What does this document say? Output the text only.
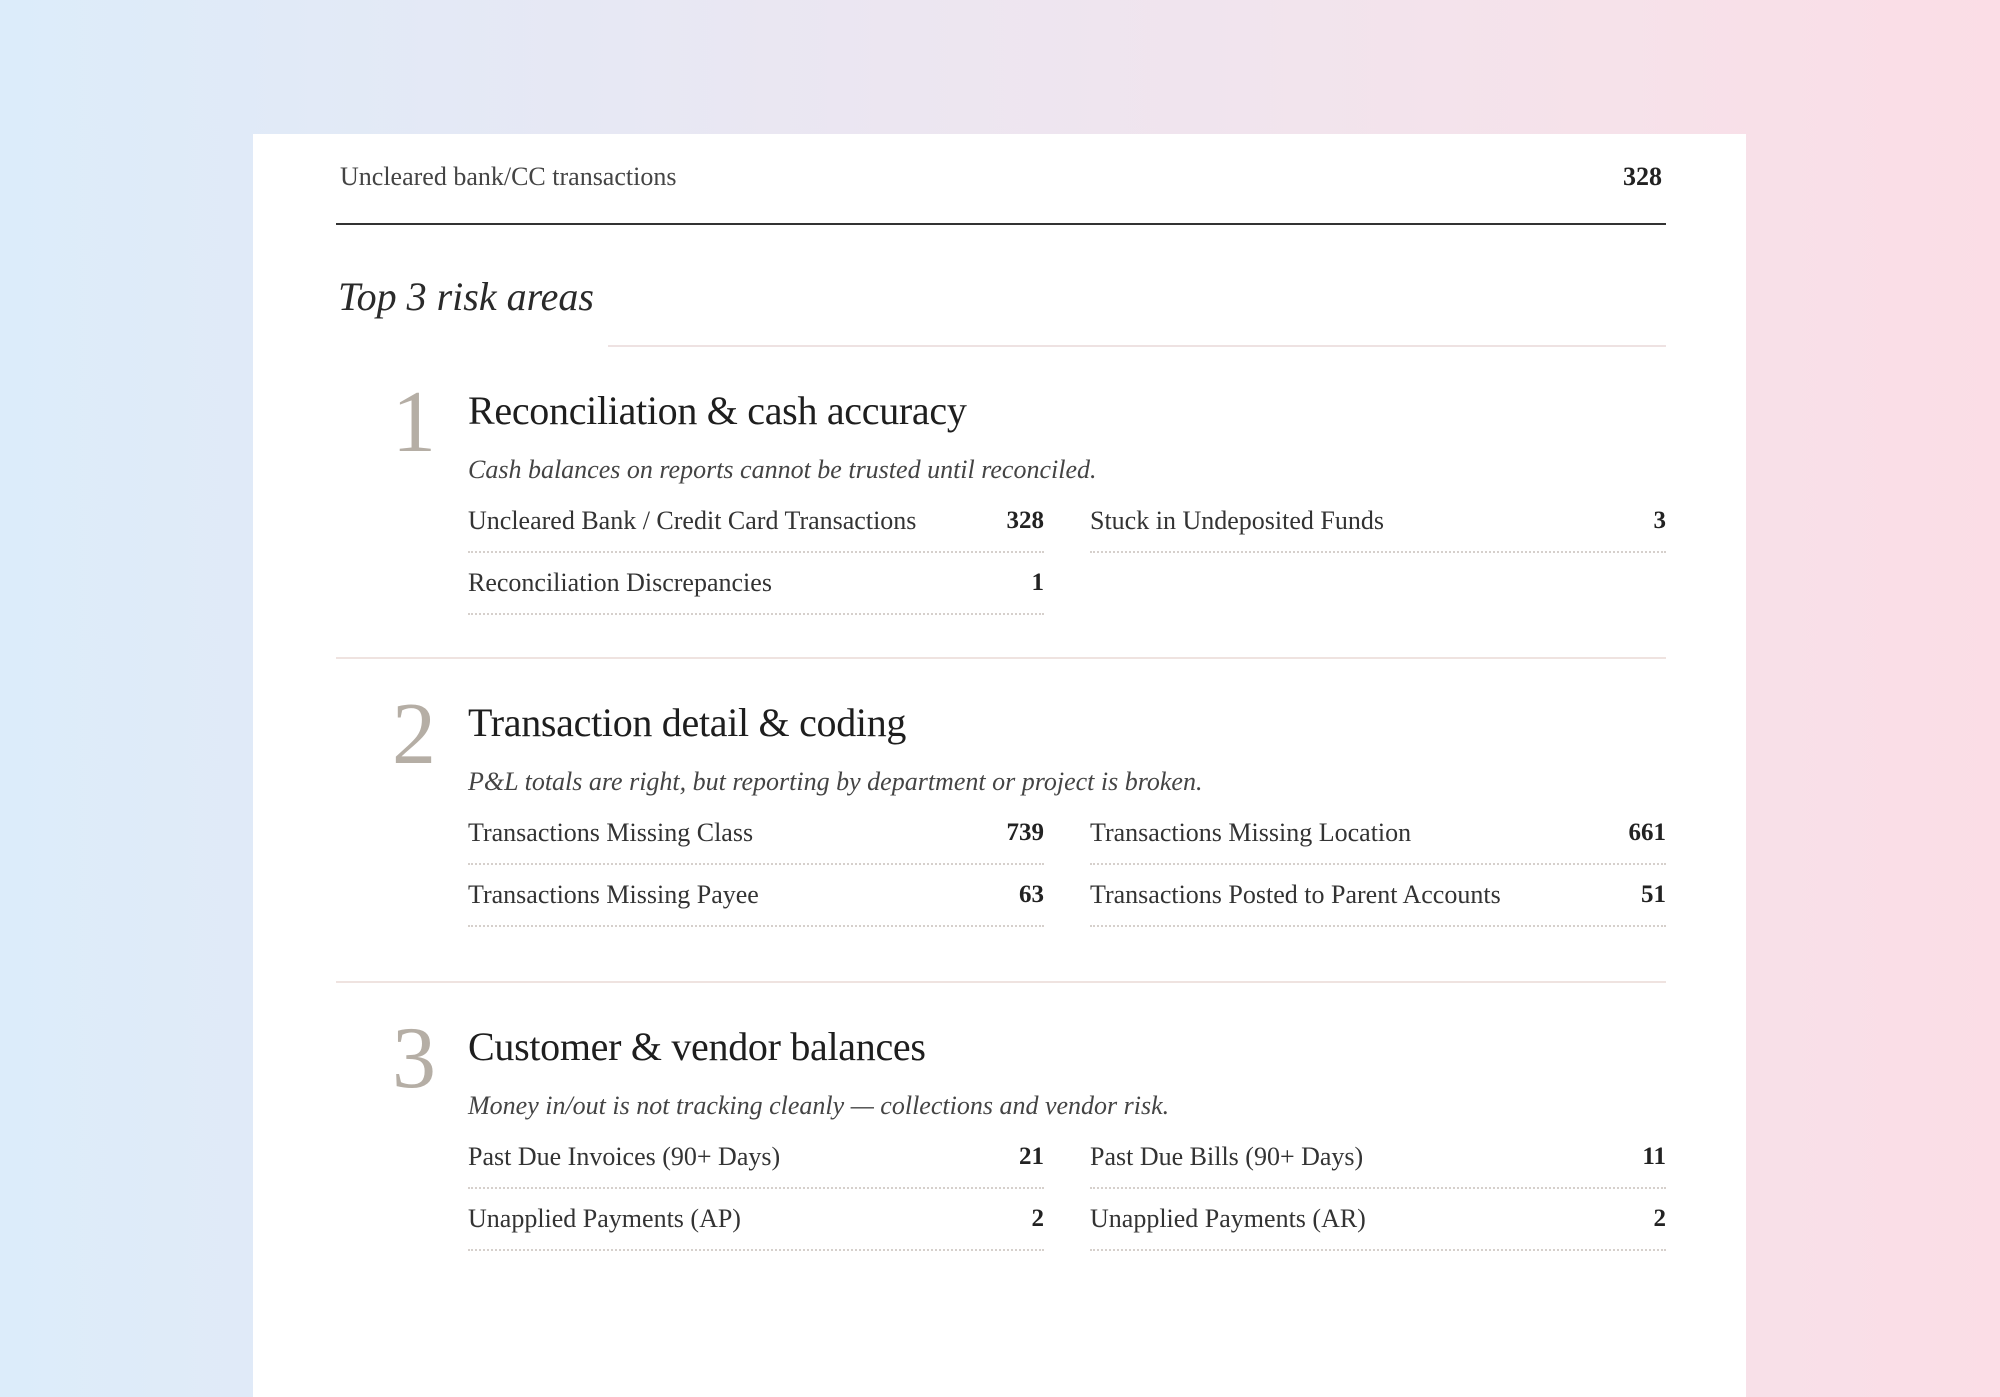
Uncleared bank/CC transactions	328
Top 3 risk areas
1 Reconciliation & cash accuracy
Cash balances on reports cannot be trusted until reconciled.
Uncleared Bank / Credit Card Transactions	328 Stuck in Undeposited Funds	3
Reconciliation Discrepancies	1
2 Transaction detail & coding
P&L totals are right, but reporting by department or project is broken.
Transactions Missing Class	739 Transactions Missing Location	661
Transactions Missing Payee	63 Transactions Posted to Parent Accounts	51
3 Customer & vendor balances
Money in/out is not tracking cleanly — collections and vendor risk.
Past Due Invoices (90+ Days)	21 Past Due Bills (90+ Days)	11
Unapplied Payments (AP)	2 Unapplied Payments (AR)	2
